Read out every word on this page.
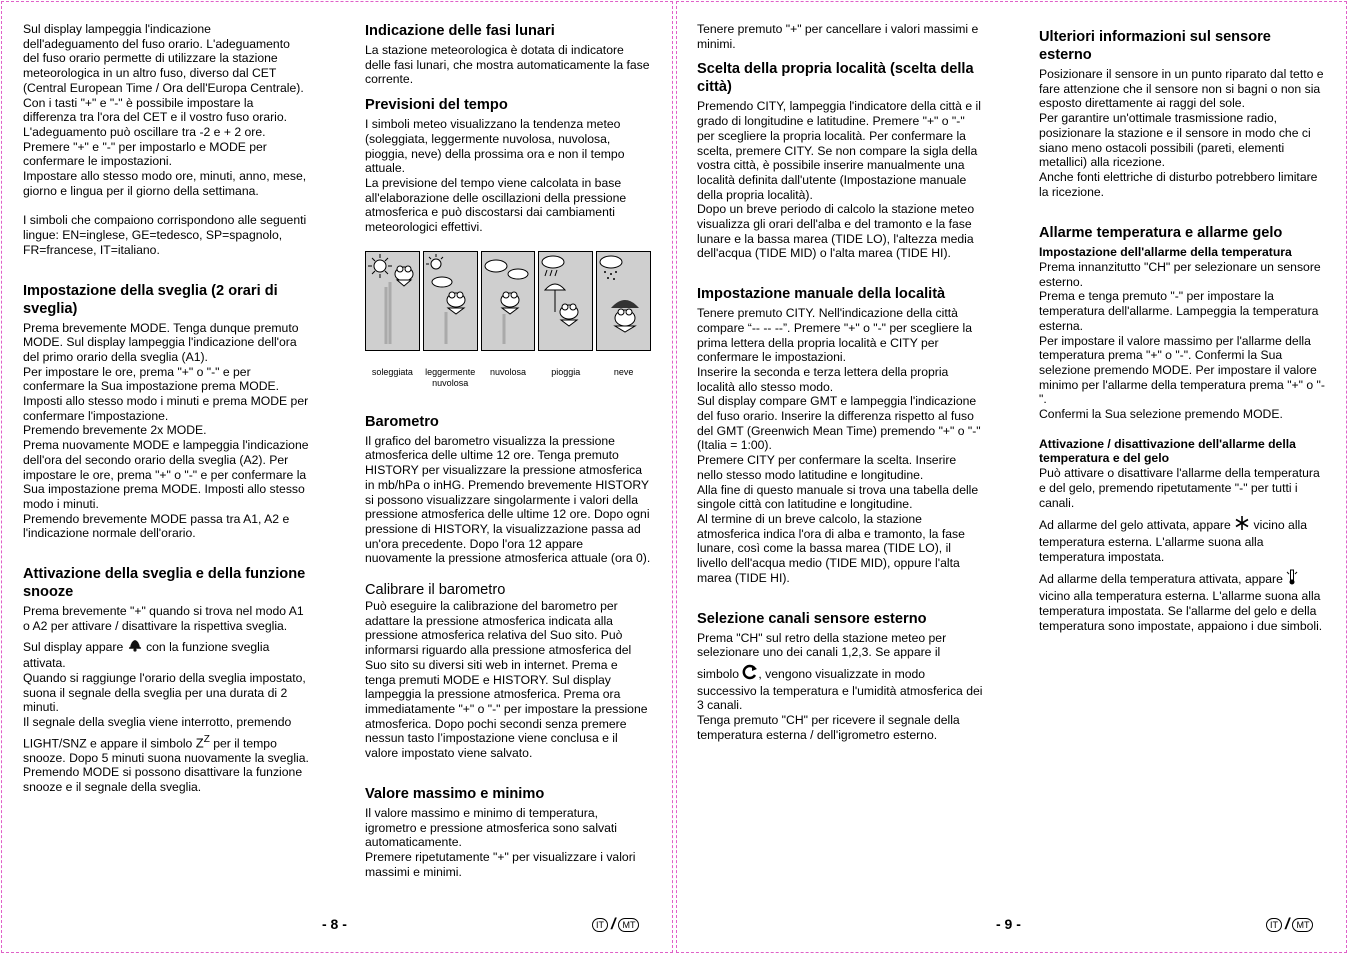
Sul display lampeggia l'indicazione dell'adeguamento del fuso orario. L'adeguamento del fuso orario permette di utilizzare la stazione meteorologica in un altro fuso, diverso dal CET (Central European Time / Ora dell'Europa Centrale). Con i tasti "+" e "-" è possibile impostare la differenza tra l'ora del CET e il vostro fuso orario. L'adeguamento può oscillare tra -2 e + 2 ore.

Premere "+" e "-" per impostarlo e MODE per confermare le impostazioni.

Impostare allo stesso modo ore, minuti, anno, mese, giorno e lingua per il giorno della settimana.

I simboli che compaiono corrispondono alle seguenti lingue: EN=inglese, GE=tedesco, SP=spagnolo, FR=francese, IT=italiano.

Impostazione della sveglia (2 orari di sveglia)

Prema brevemente MODE. Tenga dunque premuto MODE. Sul display lampeggia l'indicazione dell'ora del primo orario della sveglia (A1).

Per impostare le ore, prema "+" o "-" e per confermare la Sua impostazione prema MODE. Imposti allo stesso modo i minuti e prema MODE per confermare l'impostazione.

Premendo brevemente 2x MODE.

Prema nuovamente MODE e lampeggia l'indicazione dell'ora del secondo orario della sveglia (A2). Per impostare le ore, prema "+" o "-" e per confermare la Sua impostazione prema MODE. Imposti allo stesso modo i minuti.

Premendo brevemente MODE passa tra A1, A2 e l'indicazione normale dell'orario.

Attivazione della sveglia e della funzione snooze

Prema brevemente "+" quando si trova nel modo A1 o A2 per attivare / disattivare la rispettiva sveglia.

Sul display appare con la funzione sveglia attivata.

Quando si raggiunge l'orario della sveglia impostato, suona il segnale della sveglia per una durata di 2 minuti.

Il segnale della sveglia viene interrotto, premendo

LIGHT/SNZ e appare il simbolo $Z^Z$ per il tempo snooze. Dopo 5 minuti suona nuovamente la sveglia.

Premendo MODE si possono disattivare la funzione snooze e il segnale della sveglia.

Indicazione delle fasi lunari

La stazione meteorologica è dotata di indicatore delle fasi lunari, che mostra automaticamente la fase corrente.

Previsioni del tempo

I simboli meteo visualizzano la tendenza meteo (soleggiata, leggermente nuvolosa, nuvolosa, pioggia, neve) della prossima ora e non il tempo attuale.

La previsione del tempo viene calcolata in base all'elaborazione delle oscillazioni della pressione atmosferica e può discostarsi dai cambiamenti meteorologici effettivi.

soleggiata	leggermente nuvolosa
nuvolosa	pioggia	neve
Barometro

Il grafico del barometro visualizza la pressione atmosferica delle ultime 12 ore. Tenga premuto HISTORY per visualizzare la pressione atmosferica in mb/hPa o inHG. Premendo brevemente HISTORY si possono visualizzare singolarmente i valori della pressione atmosferica delle ultime 12 ore. Dopo ogni pressione di HISTORY, la visualizzazione passa ad un'ora precedente. Dopo l'ora 12 appare nuovamente la pressione atmosferica attuale (ora 0).

Calibrare il barometro

Può eseguire la calibrazione del barometro per adattare la pressione atmosferica indicata alla pressione atmosferica relativa del Suo sito. Può informarsi riguardo alla pressione atmosferica del Suo sito su diversi siti web in internet. Prema e tenga premuti MODE e HISTORY. Sul display lampeggia la pressione atmosferica. Prema ora immediatamente "+" o "-" per impostare la pressione atmosferica. Dopo pochi secondi senza premere nessun tasto l’impostazione viene conclusa e il valore impostato viene salvato.

Valore massimo e minimo

Il valore massimo e minimo di temperatura, igrometro e pressione atmosferica sono salvati automaticamente.

Premere ripetutamente "+" per visualizzare i valori massimi e minimi.

- 8 -	IT / MT

Tenere premuto "+" per cancellare i valori massimi e minimi.

Scelta della propria località (scelta della città)

Premendo CITY, lampeggia l'indicatore della città e il grado di longitudine e latitudine. Premere "+" o "-" per scegliere la propria località. Per confermare la scelta, premere CITY. Se non compare la sigla della vostra città, è possibile inserire manualmente una località definita dall'utente (Impostazione manuale della propria località).

Dopo un breve periodo di calcolo la stazione meteo visualizza gli orari dell'alba e del tramonto e la fase lunare e la bassa marea (TIDE LO), l'altezza media dell'acqua (TIDE MID) o l'alta marea (TIDE HI).

Impostazione manuale della località

Tenere premuto CITY. Nell'indicazione della città compare “-- -- --”. Premere "+" o "-" per scegliere la prima lettera della propria località e CITY per confermare le impostazioni.

Inserire la seconda e terza lettera della propria località allo stesso modo.

Sul display compare GMT e lampeggia l'indicazione del fuso orario. Inserire la differenza rispetto al fuso del GMT (Greenwich Mean Time) premendo "+" o "-" (Italia = 1:00).

Premere CITY per confermare la scelta. Inserire nello stesso modo latitudine e longitudine.

Alla fine di questo manuale si trova una tabella delle singole città con latitudine e longitudine.

Al termine di un breve calcolo, la stazione atmosferica indica l'ora di alba e tramonto, la fase lunare, così come la bassa marea (TIDE LO), il livello dell'acqua medio (TIDE MID), oppure l'alta marea (TIDE HI).

Selezione canali sensore esterno

Prema "CH" sul retro della stazione meteo per selezionare uno dei canali 1,2,3. Se appare il

simbolo , vengono visualizzate in modo successivo la temperatura e l'umidità atmosferica dei 3 canali.

Tenga premuto "CH" per ricevere il segnale della temperatura esterna / dell'igrometro esterno.

Ulteriori informazioni sul sensore esterno

Posizionare il sensore in un punto riparato dal tetto e fare attenzione che il sensore non si bagni o non sia esposto direttamente ai raggi del sole.

Per garantire un'ottimale trasmissione radio, posizionare la stazione e il sensore in modo che ci siano meno ostacoli possibili (pareti, elementi metallici) alla ricezione.

Anche fonti elettriche di disturbo potrebbero limitare la ricezione.

Allarme temperatura e allarme gelo
Impostazione dell'allarme della temperatura

Prema innanzitutto "CH" per selezionare un sensore esterno.

Prema e tenga premuto "-" per impostare la temperatura dell'allarme. Lampeggia la temperatura esterna.

Per impostare il valore massimo per l'allarme della temperatura prema "+" o "-". Confermi la Sua selezione premendo MODE. Per impostare il valore minimo per l'allarme della temperatura prema "+" o "-".

Confermi la Sua selezione premendo MODE.

Attivazione / disattivazione dell'allarme della temperatura e del gelo

Può attivare o disattivare l'allarme della temperatura e del gelo, premendo ripetutamente "-" per tutti i canali.

Ad allarme del gelo attivata, appare vicino alla temperatura esterna. L'allarme suona alla temperatura impostata.

Ad allarme della temperatura attivata, appare  vicino alla temperatura esterna. L'allarme suona alla temperatura impostata. Se l'allarme del gelo e della temperatura sono impostate, appaiono i due simboli.

- 9 -	IT / MT
